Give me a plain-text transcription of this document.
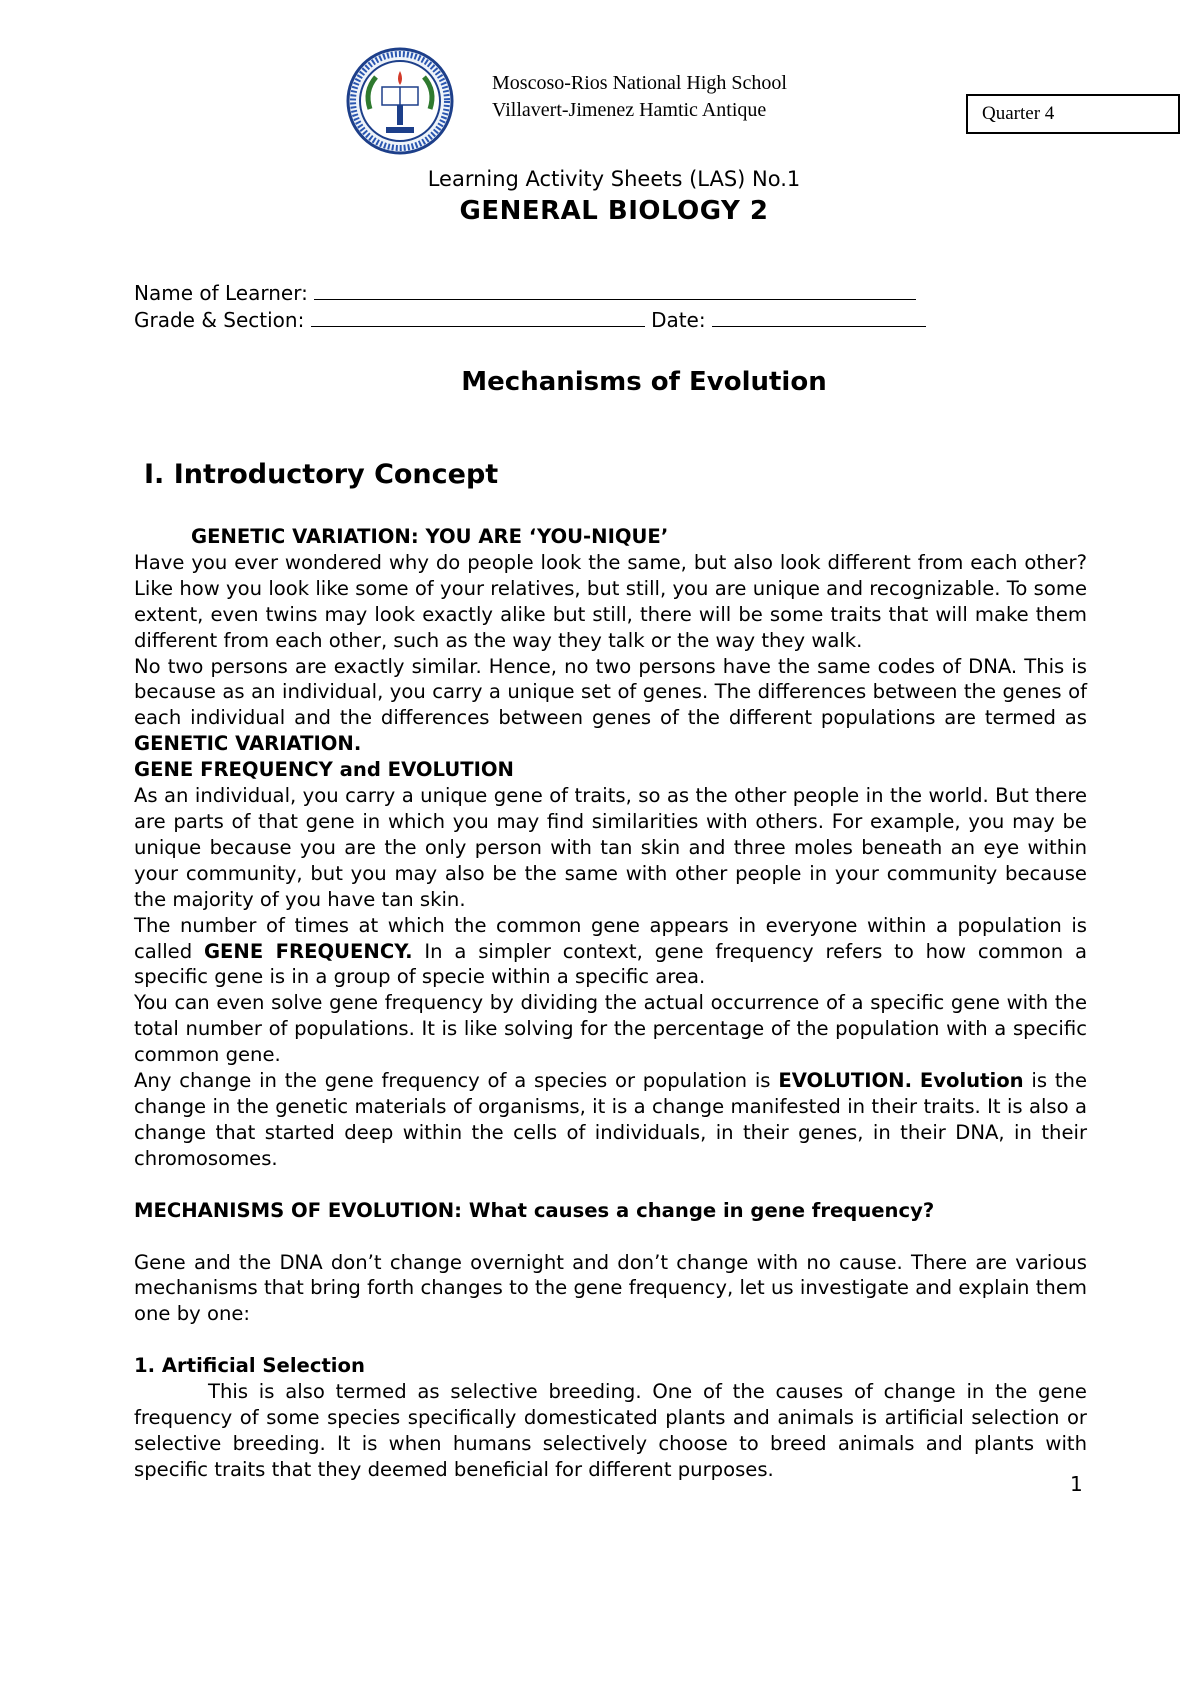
Moscoso-Rios National High School
Villavert-Jimenez Hamtic Antique	Quarter 4
Learning Activity Sheets (LAS) No.1
GENERAL BIOLOGY 2
Name of Learner:
Grade & Section:	Date:
Mechanisms of Evolution
I. Introductory Concept

GENETIC VARIATION: YOU ARE ‘YOU-NIQUE’

Have you ever wondered why do people look the same, but also look different from each other? Like how you look like some of your relatives, but still, you are unique and recognizable. To some extent, even twins may look exactly alike but still, there will be some traits that will make them different from each other, such as the way they talk or the way they walk.

No two persons are exactly similar. Hence, no two persons have the same codes of DNA. This is because as an individual, you carry a unique set of genes. The differences between the genes of each individual and the differences between genes of the different populations are termed as GENETIC VARIATION.

GENE FREQUENCY and EVOLUTION

As an individual, you carry a unique gene of traits, so as the other people in the world. But there are parts of that gene in which you may find similarities with others. For example, you may be unique because you are the only person with tan skin and three moles beneath an eye within your community, but you may also be the same with other people in your community because the majority of you have tan skin.

The number of times at which the common gene appears in everyone within a population is called GENE FREQUENCY. In a simpler context, gene frequency refers to how common a specific gene is in a group of specie within a specific area.

You can even solve gene frequency by dividing the actual occurrence of a specific gene with the total number of populations. It is like solving for the percentage of the population with a specific common gene.

Any change in the gene frequency of a species or population is EVOLUTION. Evolution is the change in the genetic materials of organisms, it is a change manifested in their traits. It is also a change that started deep within the cells of individuals, in their genes, in their DNA, in their chromosomes.

MECHANISMS OF EVOLUTION: What causes a change in gene frequency?

Gene and the DNA don’t change overnight and don’t change with no cause. There are various mechanisms that bring forth changes to the gene frequency, let us investigate and explain them one by one:

1. Artificial Selection

This is also termed as selective breeding. One of the causes of change in the gene frequency of some species specifically domesticated plants and animals is artificial selection or selective breeding. It is when humans selectively choose to breed animals and plants with specific traits that they deemed beneficial for different purposes.

1
